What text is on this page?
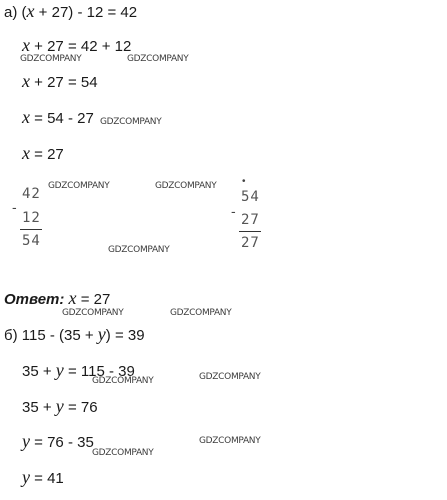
а) (x + 27) - 12 = 42
x + 27 = 42 + 12
x + 27 = 54
x = 54 - 27
x = 27
-
42
12
54
•
-
54
27
27
Ответ: x = 27
б) 115 - (35 + y) = 39
35 + y = 115 - 39
35 + y = 76
y = 76 - 35
y = 41
GDZCOMPANY	GDZCOMPANY
GDZCOMPANY
GDZCOMPANY	GDZCOMPANY
GDZCOMPANY
GDZCOMPANY	GDZCOMPANY
GDZCOMPANY	GDZCOMPANY
GDZCOMPANY
GDZCOMPANY
